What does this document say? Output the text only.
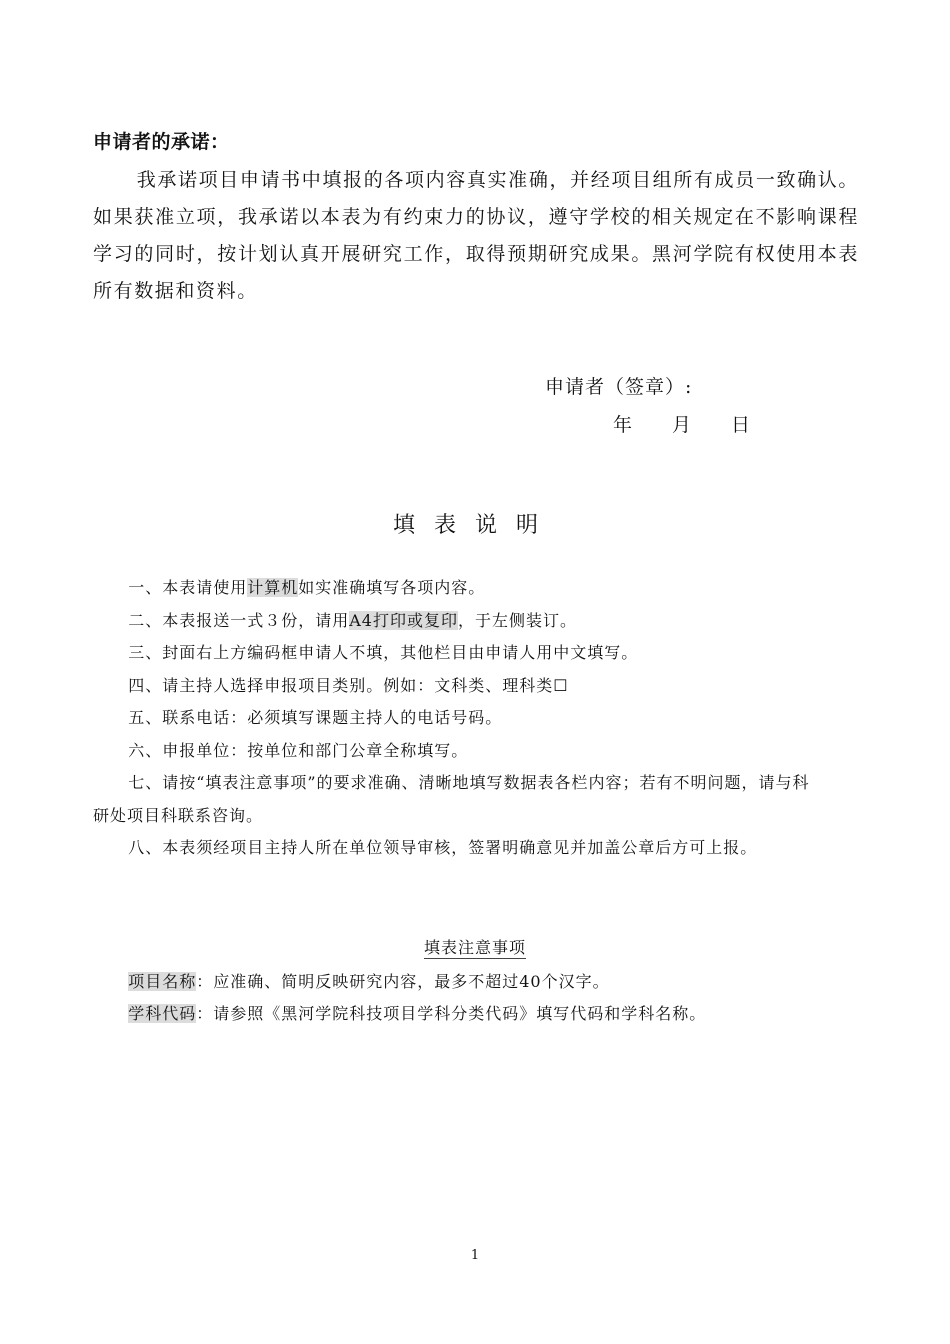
申请者的承诺：
我承诺项目申请书中填报的各项内容真实准确，并经项目组所有成员一致确认。如果获准立项，我承诺以本表为有约束力的协议，遵守学校的相关规定在不影响课程学习的同时，按计划认真开展研究工作，取得预期研究成果。黑河学院有权使用本表所有数据和资料。
申请者（签章）:
年 月 日
填表说明
一、本表请使用计算机如实准确填写各项内容。
二、本表报送一式３份，请用A4打印或复印，于左侧装订。
三、封面右上方编码框申请人不填，其他栏目由申请人用中文填写。
四、请主持人选择申报项目类别。例如：文科类、理科类☐
五、联系电话：必须填写课题主持人的电话号码。
六、申报单位：按单位和部门公章全称填写。
七、请按“填表注意事项”的要求准确、清晰地填写数据表各栏内容；若有不明问题，请与科研处项目科联系咨询。
八、本表须经项目主持人所在单位领导审核，签署明确意见并加盖公章后方可上报。
填表注意事项
项目名称：应准确、简明反映研究内容，最多不超过40个汉字。
学科代码：请参照《黑河学院科技项目学科分类代码》填写代码和学科名称。
1
